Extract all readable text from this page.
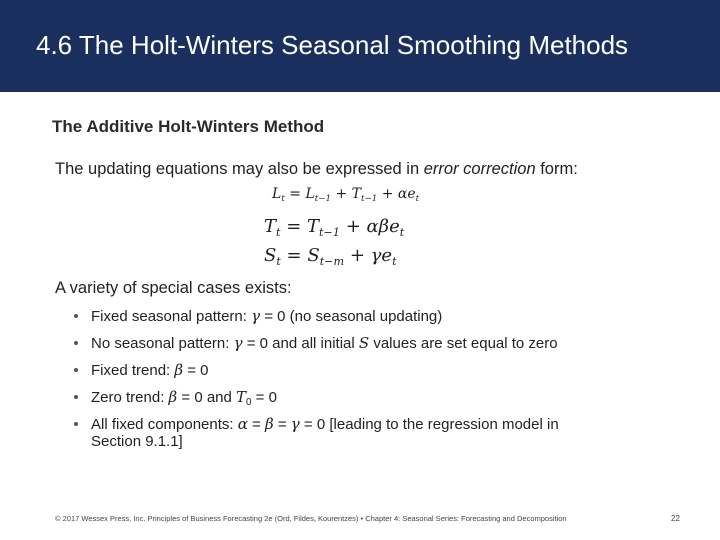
4.6 The Holt-Winters Seasonal Smoothing Methods
The Additive Holt-Winters Method
The updating equations may also be expressed in error correction form:
$L_t = L_{t-1} + T_{t-1} + \alpha e_t$
$T_t = T_{t-1} + \alpha\beta e_t$
$S_t = S_{t-m} + \gamma e_t$
A variety of special cases exists:
Fixed seasonal pattern: γ = 0 (no seasonal updating)
No seasonal pattern: γ = 0 and all initial S values are set equal to zero
Fixed trend: β = 0
Zero trend: β = 0 and $T_0 = 0$
All fixed components: α = β = γ = 0 [leading to the regression model in
Section 9.1.1]
© 2017 Wessex Press, Inc. Principles of Business Forecasting 2e (Ord, Fildes, Kourentzes) • Chapter 4: Seasonal Series: Forecasting and Decomposition	22
